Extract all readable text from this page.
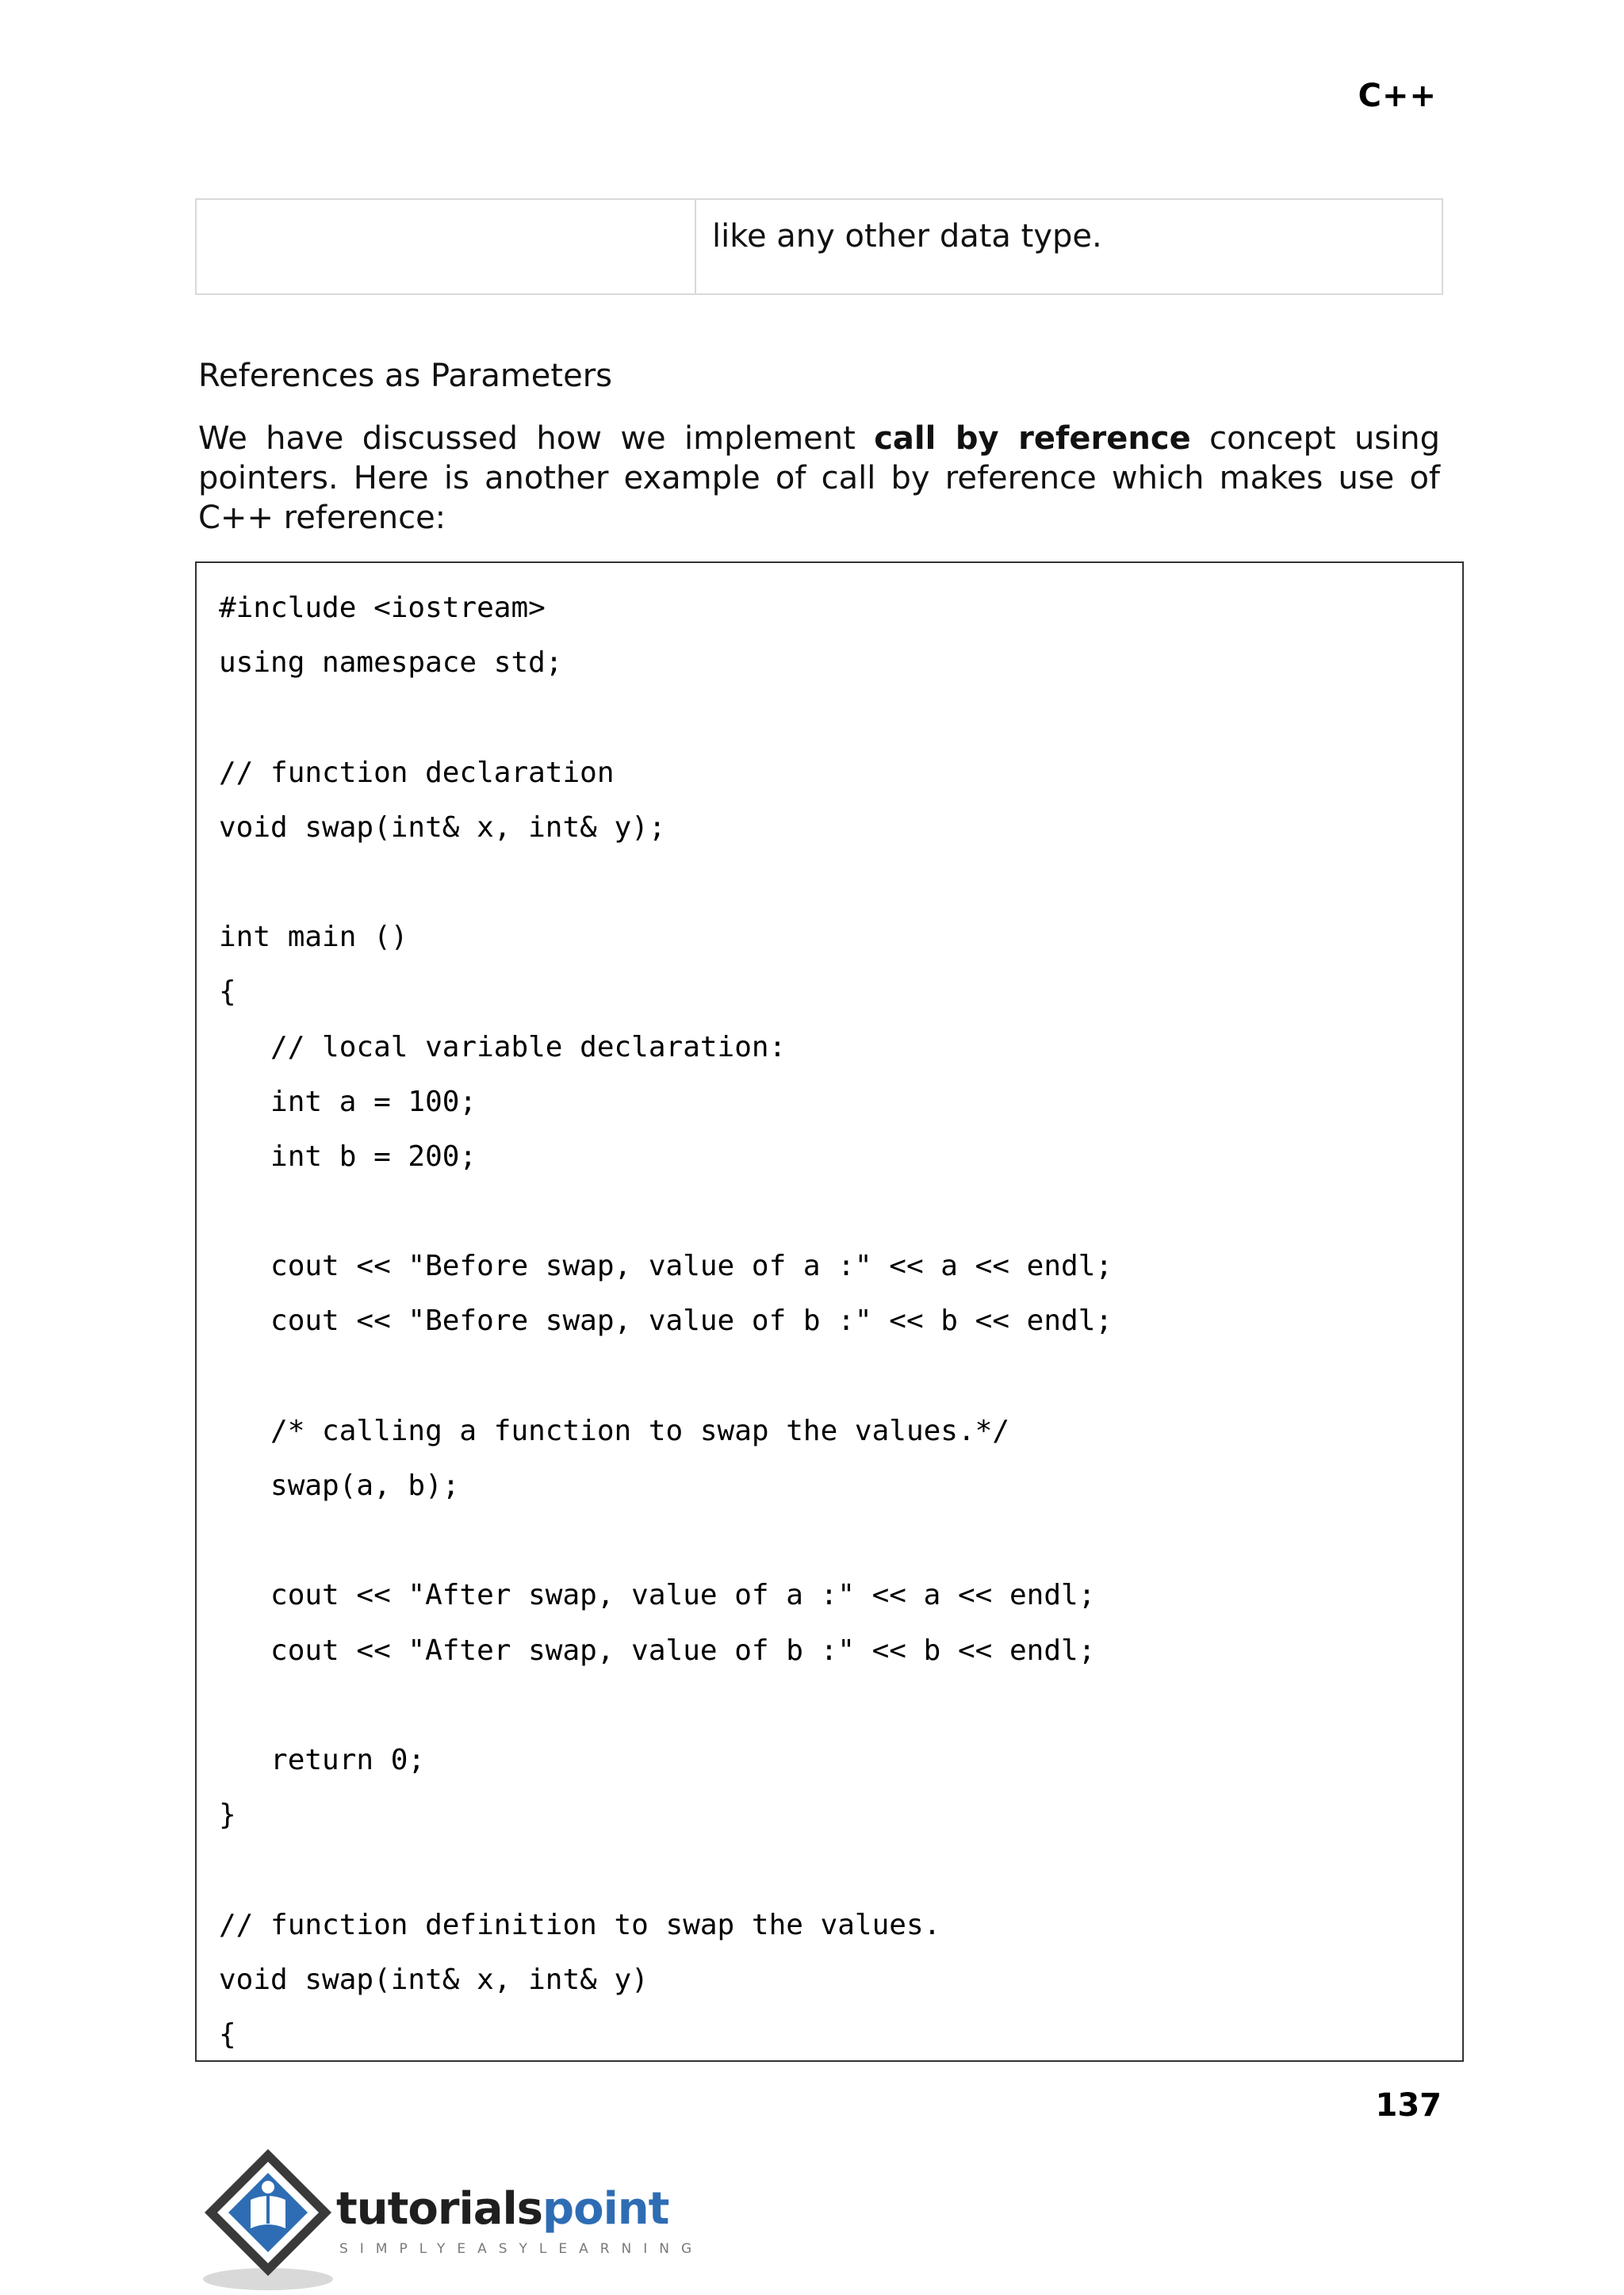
C++
like any other data type.
References as Parameters
We have discussed how we implement call by reference concept using pointers. Here is another example of call by reference which makes use of C++ reference:
#include <iostream>
using namespace std;
// function declaration
void swap(int& x, int& y);
int main ()
{
// local variable declaration:
int a = 100;
int b = 200;
cout << "Before swap, value of a :" << a << endl;
cout << "Before swap, value of b :" << b << endl;
/* calling a function to swap the values.*/
swap(a, b);
cout << "After swap, value of a :" << a << endl;
cout << "After swap, value of b :" << b << endl;
return 0;
}
// function definition to swap the values.
void swap(int& x, int& y)
{
137
tutorialspoint
SIMPLYEASYLEARNING
